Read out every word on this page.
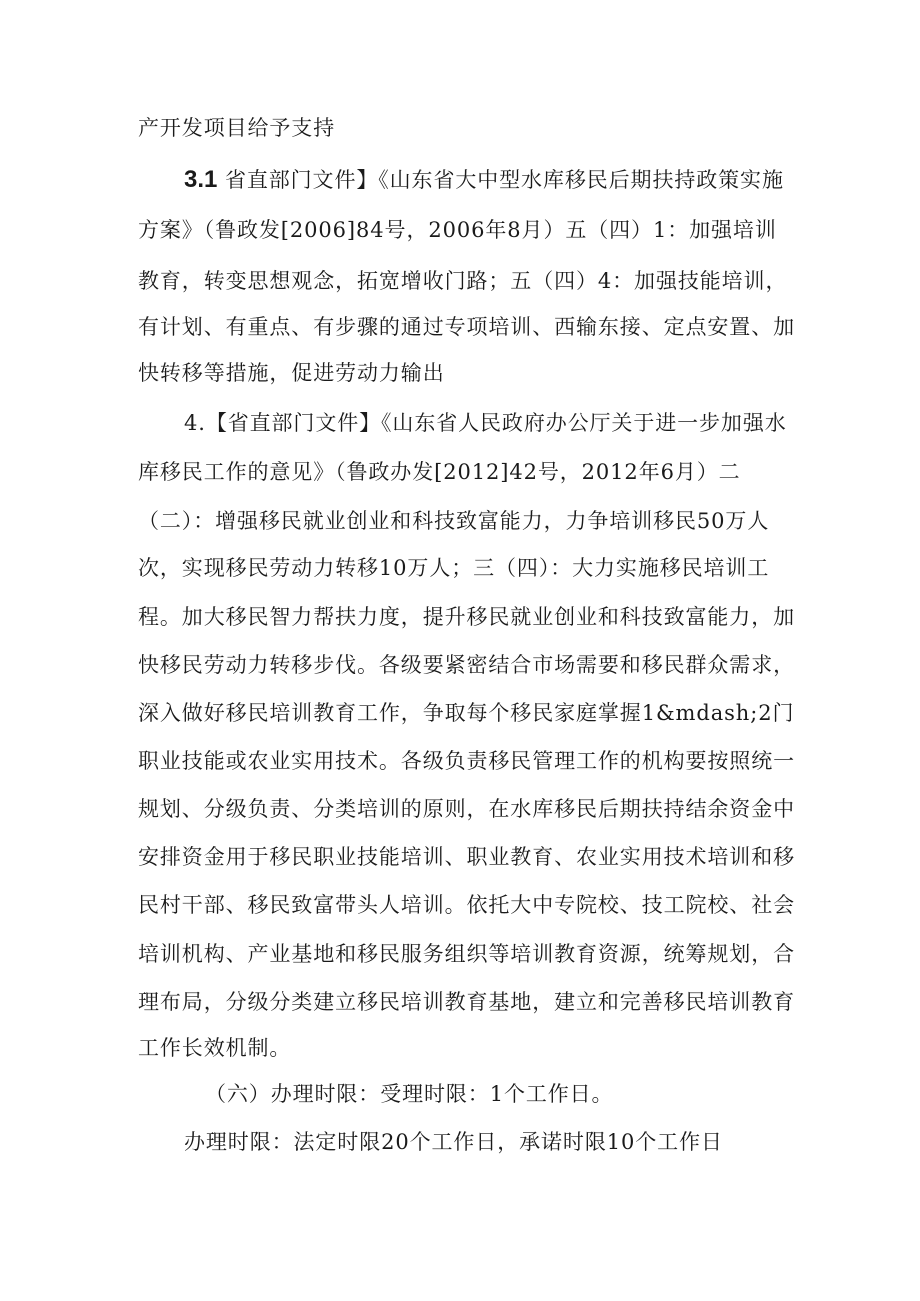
产开发项目给予支持
3.1 省直部门文件】《山东省大中型水库移民后期扶持政策实施
方案》（鲁政发[2006]84号，2006年8月）五（四）1：加强培训
教育，转变思想观念，拓宽增收门路；五（四）4：加强技能培训，
有计划、有重点、有步骤的通过专项培训、西输东接、定点安置、加
快转移等措施，促进劳动力输出
4.【省直部门文件】《山东省人民政府办公厅关于进一步加强水
库移民工作的意见》（鲁政办发[2012]42号，2012年6月）二
（二）：增强移民就业创业和科技致富能力，力争培训移民50万人
次，实现移民劳动力转移10万人；三（四）：大力实施移民培训工
程。加大移民智力帮扶力度，提升移民就业创业和科技致富能力，加
快移民劳动力转移步伐。各级要紧密结合市场需要和移民群众需求，
深入做好移民培训教育工作，争取每个移民家庭掌握1&mdash;2门
职业技能或农业实用技术。各级负责移民管理工作的机构要按照统一
规划、分级负责、分类培训的原则，在水库移民后期扶持结余资金中
安排资金用于移民职业技能培训、职业教育、农业实用技术培训和移
民村干部、移民致富带头人培训。依托大中专院校、技工院校、社会
培训机构、产业基地和移民服务组织等培训教育资源，统筹规划，合
理布局，分级分类建立移民培训教育基地，建立和完善移民培训教育
工作长效机制。
（六）办理时限：受理时限：1个工作日。
办理时限：法定时限20个工作日，承诺时限10个工作日
